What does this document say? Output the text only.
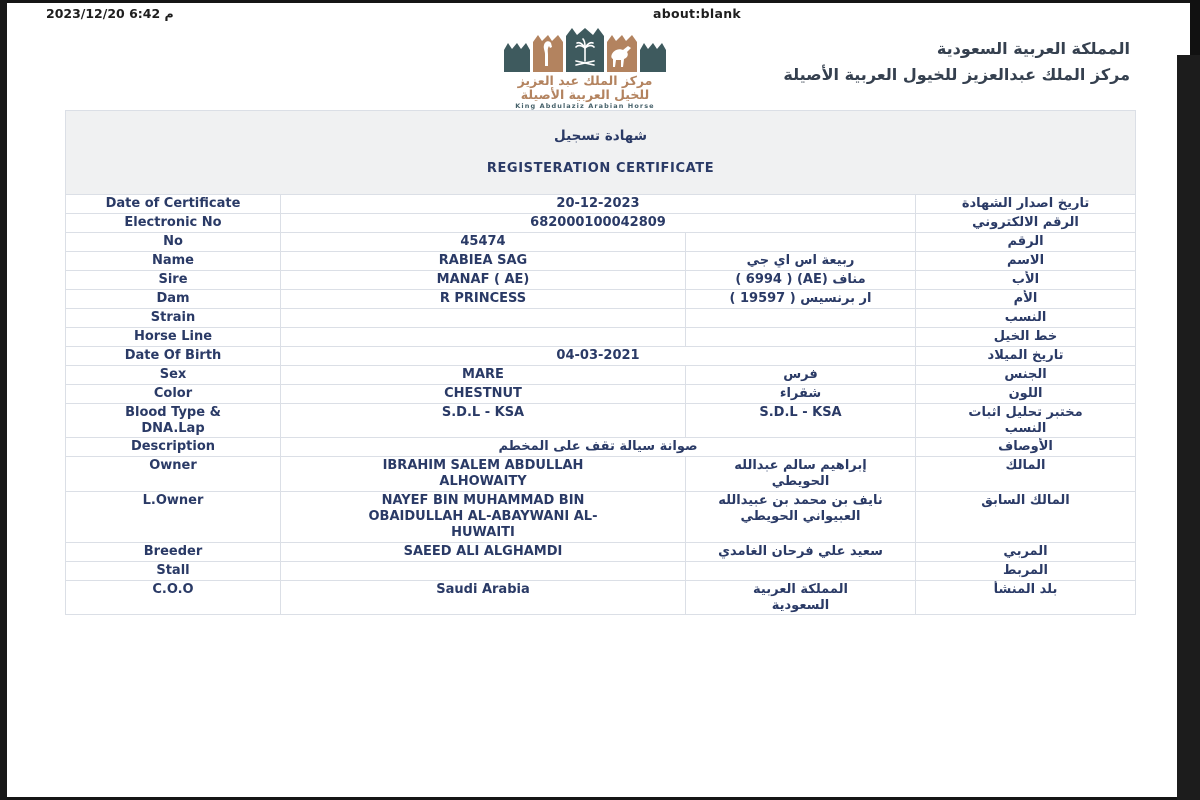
م 6:42 2023/12/20	about:blank
مركز الملك عبد العزيز
للخيل العربية الأصيلة
King Abdulaziz Arabian Horse
المملكة العربية السعودية
مركز الملك عبدالعزيز للخيول العربية الأصيلة

شهادة تسجيل

REGISTERATION CERTIFICATE			

Date of Certificate	20-12-2023		تاريخ اصدار الشهادة
Electronic No	682000100042809		الرقم الالكتروني
No	45474		الرقم
Name	RABIEA SAG	ربيعة اس اي جي	الاسم
Sire	MANAF ( AE)	مناف (AE) ( 6994 )	الأب
Dam	R PRINCESS	ار برنسيس ( 19597 )	الأم
Strain			النسب
Horse Line			خط الخيل
Date Of Birth	04-03-2021		تاريخ الميلاد
Sex	MARE	فرس	الجنس
Color	CHESTNUT	شقراء	اللون
Blood Type &
DNA.Lap	S.D.L - KSA	S.D.L - KSA	مختبر تحليل اثبات
النسب
Description	صوانة سيالة تقف على المخطم		الأوصاف
Owner	IBRAHIM SALEM ABDULLAH
ALHOWAITY	إبراهيم سالم عبدالله
الحويطي	المالك
L.Owner	NAYEF BIN MUHAMMAD BIN
OBAIDULLAH AL-ABAYWANI AL-
HUWAITI	نايف بن محمد بن عبيدالله
العبيواني الحويطي	المالك السابق
Breeder	SAEED ALI ALGHAMDI	سعيد علي فرحان الغامدي	المربي
Stall			المربط
C.O.O	Saudi Arabia	المملكة العربية
السعودية	بلد المنشأ
